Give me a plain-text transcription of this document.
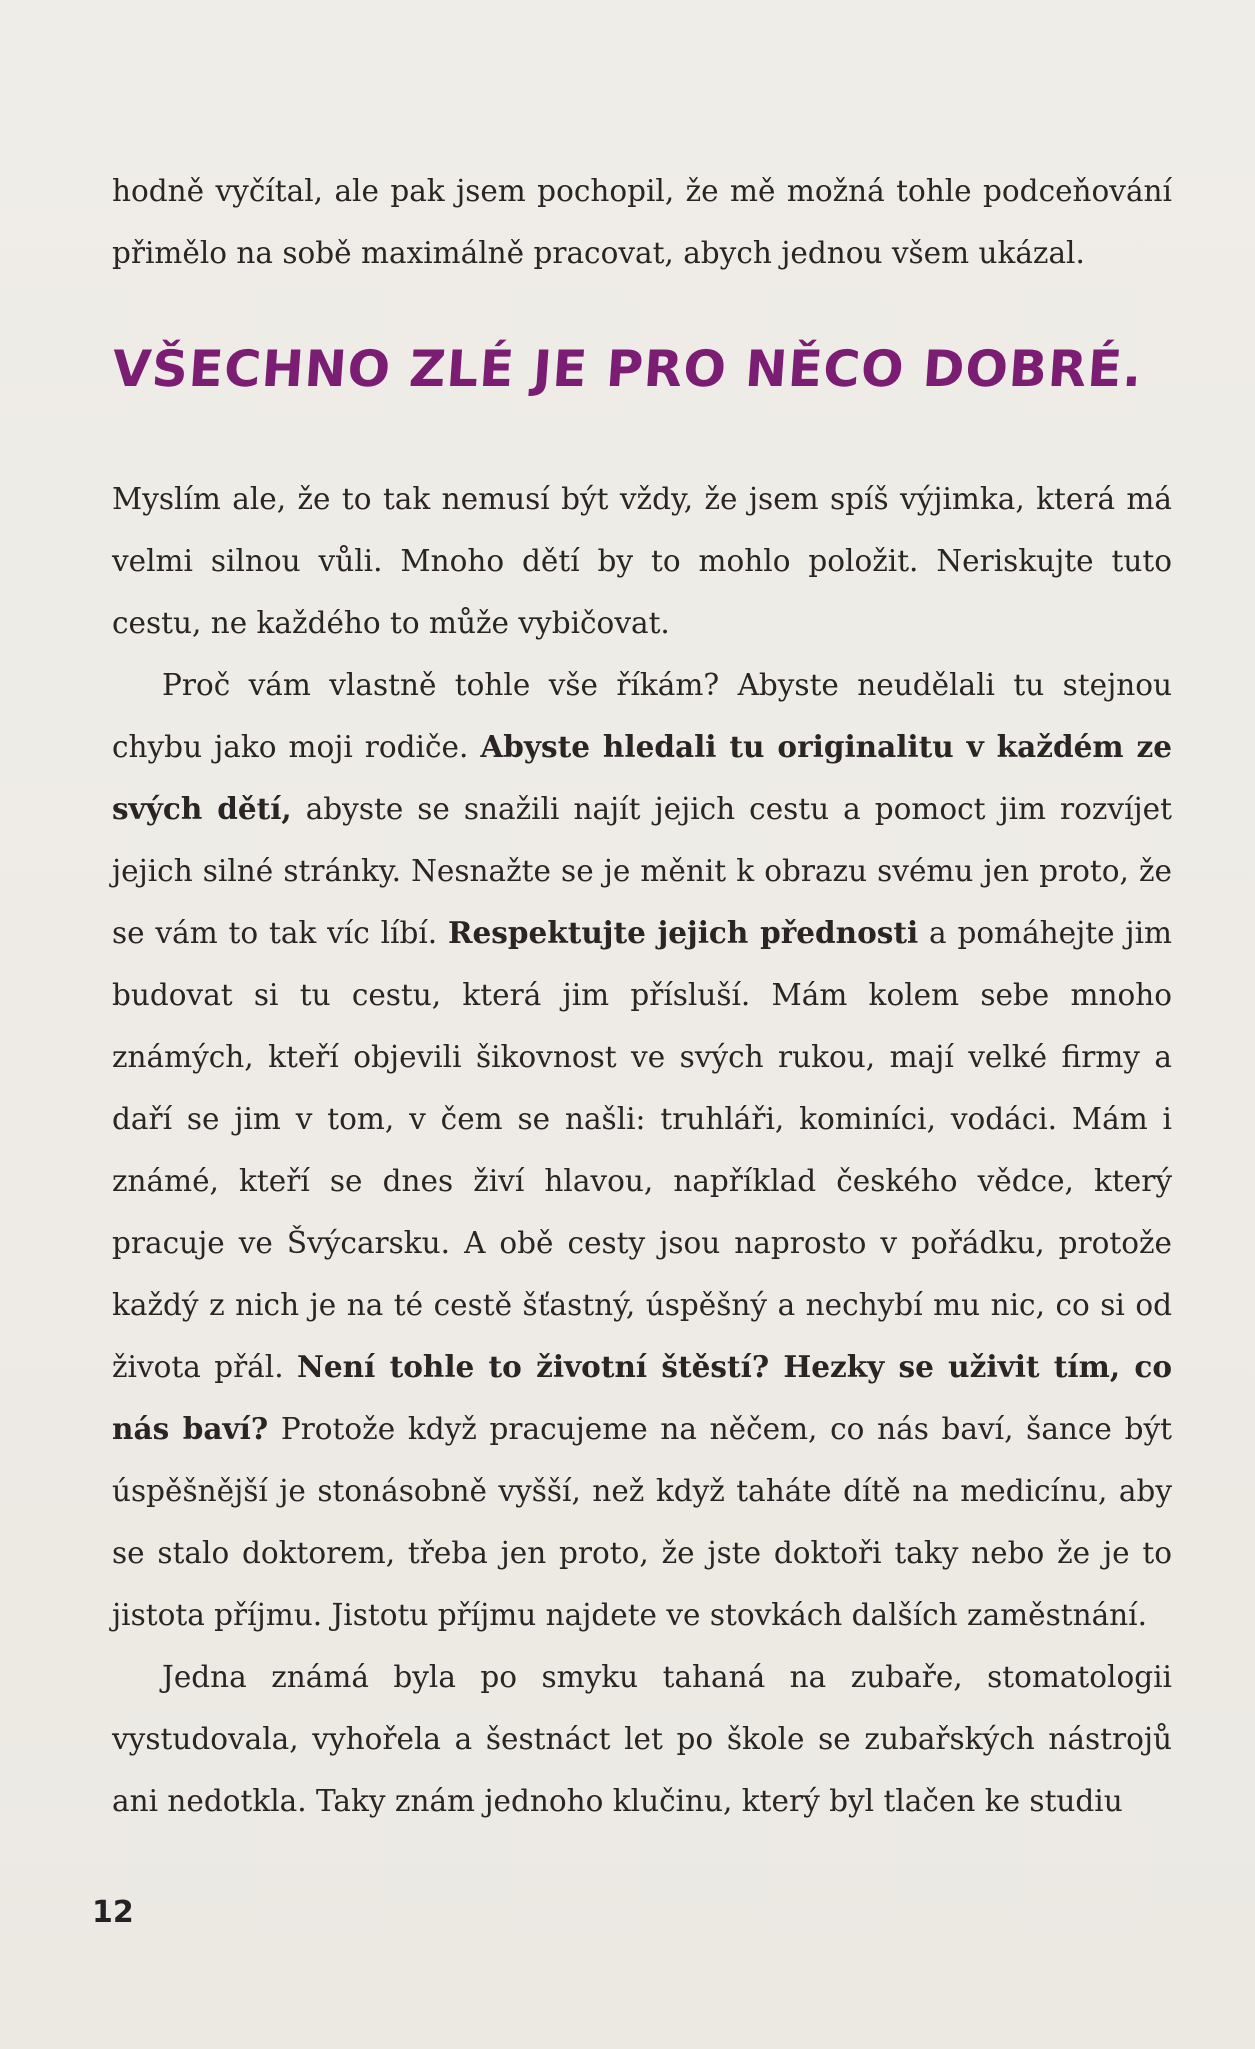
hodně vyčítal, ale pak jsem pochopil, že mě možná tohle podceňování přimělo na sobě maximálně pracovat, abych jednou všem ukázal.

VŠECHNO ZLÉ JE PRO NĚCO DOBRÉ.

Myslím ale, že to tak nemusí být vždy, že jsem spíš výjimka, která má velmi silnou vůli. Mnoho dětí by to mohlo položit. Neriskujte tuto cestu, ne každého to může vybičovat.

Proč vám vlastně tohle vše říkám? Abyste neudělali tu stejnou chybu jako moji rodiče. Abyste hledali tu originalitu v každém ze svých dětí, abyste se snažili najít jejich cestu a pomoct jim rozvíjet jejich silné stránky. Nesnažte se je měnit k obrazu svému jen proto, že se vám to tak víc líbí. Respektujte jejich přednosti a pomáhejte jim budovat si tu cestu, která jim přísluší. Mám kolem sebe mnoho známých, kteří objevili šikovnost ve svých rukou, mají velké firmy a daří se jim v tom, v čem se našli: truhláři, kominíci, vodáci. Mám i známé, kteří se dnes živí hlavou, například českého vědce, který pracuje ve Švýcarsku. A obě cesty jsou naprosto v pořádku, protože každý z nich je na té cestě šťastný, úspěšný a nechybí mu nic, co si od života přál. Není tohle to životní štěstí? Hezky se uživit tím, co nás baví? Protože když pracujeme na něčem, co nás baví, šance být úspěšnější je stonásobně vyšší, než když taháte dítě na medicínu, aby se stalo doktorem, třeba jen proto, že jste doktoři taky nebo že je to jistota příjmu. Jistotu příjmu najdete ve stovkách dalších zaměstnání.

Jedna známá byla po smyku tahaná na zubaře, stomatologii vystudovala, vyhořela a šestnáct let po škole se zubařských nástrojů ani nedotkla. Taky znám jednoho klučinu, který byl tlačen ke studiu

12
